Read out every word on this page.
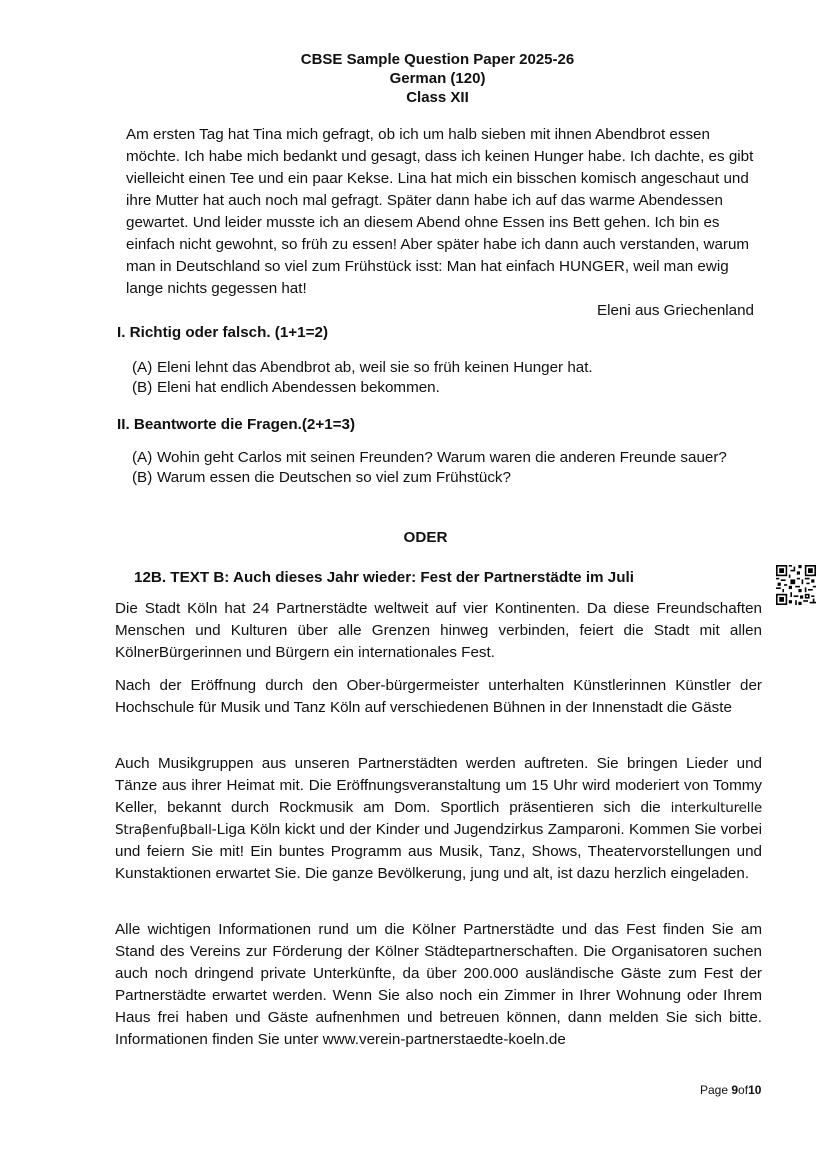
CBSE Sample Question Paper 2025-26
German (120)
Class XII
Am ersten Tag hat Tina mich gefragt, ob ich um halb sieben mit ihnen Abendbrot essen möchte. Ich habe mich bedankt und gesagt, dass ich keinen Hunger habe. Ich dachte, es gibt vielleicht einen Tee und ein paar Kekse. Lina hat mich ein bisschen komisch angeschaut und ihre Mutter hat auch noch mal gefragt. Später dann habe ich auf das warme Abendessen gewartet. Und leider musste ich an diesem Abend ohne Essen ins Bett gehen. Ich bin es einfach nicht gewohnt, so früh zu essen! Aber später habe ich dann auch verstanden, warum man in Deutschland so viel zum Frühstück isst: Man hat einfach HUNGER, weil man ewig lange nichts gegessen hat!
Eleni aus Griechenland
I. Richtig oder falsch. (1+1=2)
(A) Eleni lehnt das Abendbrot ab, weil sie so früh keinen Hunger hat.
(B) Eleni hat endlich Abendessen bekommen.
II. Beantworte die Fragen.(2+1=3)
(A) Wohin geht Carlos mit seinen Freunden? Warum waren die anderen Freunde sauer?
(B) Warum essen die Deutschen so viel zum Frühstück?
ODER
12B. TEXT B: Auch dieses Jahr wieder: Fest der Partnerstädte im Juli

Die Stadt Köln hat 24 Partnerstädte weltweit auf vier Kontinenten. Da diese Freundschaften Menschen und Kulturen über alle Grenzen hinweg verbinden, feiert die Stadt mit allen KölnerBürgerinnen und Bürgern ein internationales Fest.

Nach der Eröffnung durch den Ober-bürgermeister unterhalten Künstlerinnen Künstler der Hochschule für Musik und Tanz Köln auf verschiedenen Bühnen in der Innenstadt die Gäste

Auch Musikgruppen aus unseren Partnerstädten werden auftreten. Sie bringen Lieder und Tänze aus ihrer Heimat mit. Die Eröffnungsveranstaltung um 15 Uhr wird moderiert von Tommy Keller, bekannt durch Rockmusik am Dom. Sportlich präsentieren sich die interkulturelle Straβenfuβball-Liga Köln kickt und der Kinder und Jugendzirkus Zamparoni. Kommen Sie vorbei und feiern Sie mit! Ein buntes Programm aus Musik, Tanz, Shows, Theatervorstellungen und Kunstaktionen erwartet Sie. Die ganze Bevölkerung, jung und alt, ist dazu herzlich eingeladen.

Alle wichtigen Informationen rund um die Kölner Partnerstädte und das Fest finden Sie am Stand des Vereins zur Förderung der Kölner Städtepartnerschaften. Die Organisatoren suchen auch noch dringend private Unterkünfte, da über 200.000 ausländische Gäste zum Fest der Partnerstädte erwartet werden. Wenn Sie also noch ein Zimmer in Ihrer Wohnung oder Ihrem Haus frei haben und Gäste aufnenhmen und betreuen können, dann melden Sie sich bitte. Informationen finden Sie unter www.verein-partnerstaedte-koeln.de

Page 9of10
